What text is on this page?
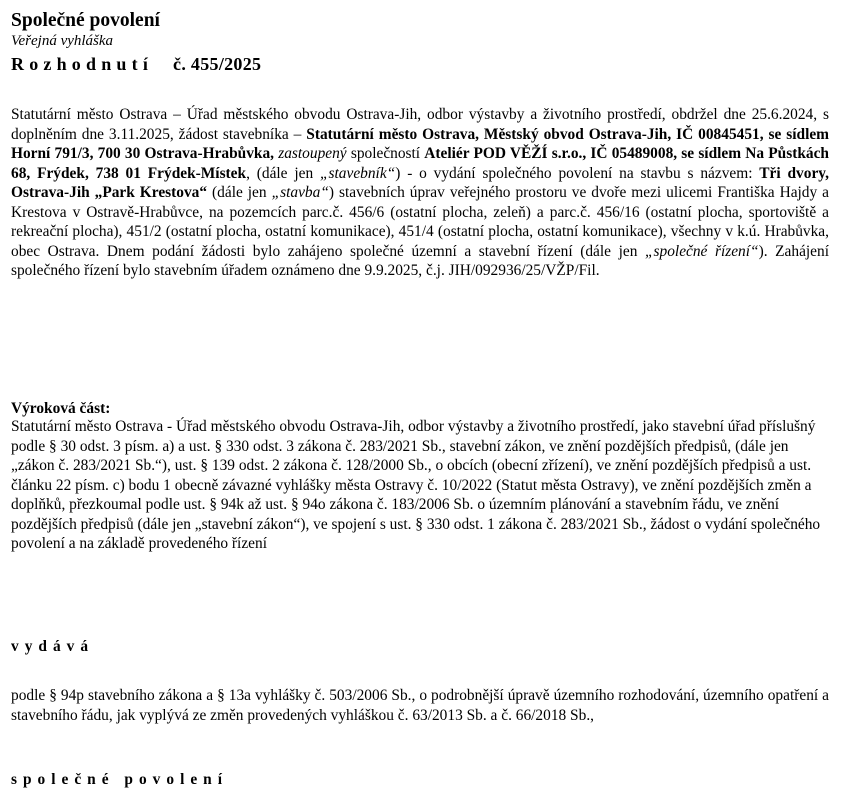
Společné povolení
Veřejná vyhláška
Rozhodnutí č. 455/2025

Statutární město Ostrava – Úřad městského obvodu Ostrava-Jih, odbor výstavby a životního prostředí, obdržel dne 25.6.2024, s doplněním dne 3.11.2025, žádost stavebníka – Statutární město Ostrava, Městský obvod Ostrava-Jih, IČ 00845451, se sídlem Horní 791/3, 700 30 Ostrava-Hrabůvka, zastoupený společností Ateliér POD VĚŽÍ s.r.o., IČ 05489008, se sídlem Na Půstkách 68, Frýdek, 738 01 Frýdek-Místek, (dále jen „stavebník“) - o vydání společného povolení na stavbu s názvem: Tři dvory, Ostrava-Jih „Park Krestova“ (dále jen „stavba“) stavebních úprav veřejného prostoru ve dvoře mezi ulicemi Františka Hajdy a Krestova v Ostravě-Hrabůvce, na pozemcích parc.č. 456/6 (ostatní plocha, zeleň) a parc.č. 456/16 (ostatní plocha, sportoviště a rekreační plocha), 451/2 (ostatní plocha, ostatní komunikace), 451/4 (ostatní plocha, ostatní komunikace), všechny v k.ú. Hrabůvka, obec Ostrava. Dnem podání žádosti bylo zahájeno společné územní a stavební řízení (dále jen „společné řízení“). Zahájení společného řízení bylo stavebním úřadem oznámeno dne 9.9.2025, č.j. JIH/092936/25/VŽP/Fil.

Výroková část:

Statutární město Ostrava - Úřad městského obvodu Ostrava-Jih, odbor výstavby a životního prostředí, jako stavební úřad příslušný podle § 30 odst. 3 písm. a) a ust. § 330 odst. 3 zákona č. 283/2021 Sb., stavební zákon, ve znění pozdějších předpisů, (dále jen „zákon č. 283/2021 Sb.“), ust. § 139 odst. 2 zákona č. 128/2000 Sb., o obcích (obecní zřízení), ve znění pozdějších předpisů a ust. článku 22 písm. c) bodu 1 obecně závazné vyhlášky města Ostravy č. 10/2022 (Statut města Ostravy), ve znění pozdějších změn a doplňků, přezkoumal podle ust. § 94k až ust. § 94o zákona č. 183/2006 Sb. o územním plánování a stavebním řádu, ve znění pozdějších předpisů (dále jen „stavební zákon“), ve spojení s ust. § 330 odst. 1 zákona č. 283/2021 Sb., žádost o vydání společného povolení a na základě provedeného řízení

vydává

podle § 94p stavebního zákona a § 13a vyhlášky č. 503/2006 Sb., o podrobnější úpravě územního rozhodování, územního opatření a stavebního řádu, jak vyplývá ze změn provedených vyhláškou č. 63/2013 Sb. a č. 66/2018 Sb.,

společné povolení
